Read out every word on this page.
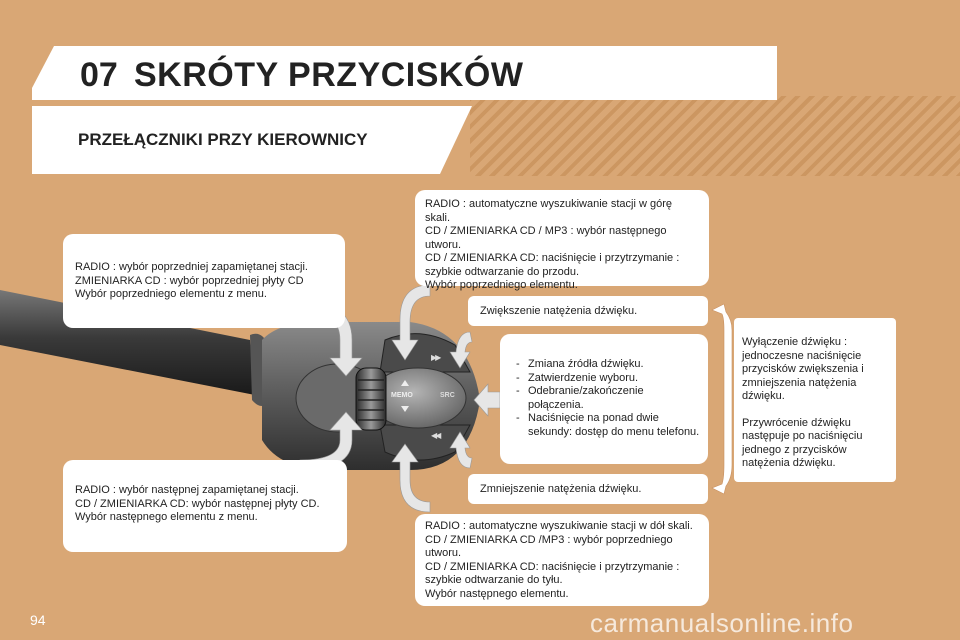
07 SKRÓTY PRZYCISKÓW
PRZEŁĄCZNIKI PRZY KIEROWNICY

RADIO : wybór poprzedniej zapamiętanej stacji.

ZMIENIARKA CD : wybór poprzedniej płyty CD

Wybór poprzedniego elementu z menu.

RADIO : wybór następnej zapamiętanej stacji.

CD / ZMIENIARKA CD: wybór następnej płyty CD.

Wybór następnego elementu z menu.

RADIO : automatyczne wyszukiwanie stacji w górę skali.

CD / ZMIENIARKA CD / MP3 : wybór następnego utworu.

CD / ZMIENIARKA CD: naciśnięcie i przytrzymanie : szybkie odtwarzanie do przodu.

Wybór poprzedniego elementu.

Zwiększenie natężenia dźwięku.

- Zmiana źródła dźwięku.
- Zatwierdzenie wyboru.
- Odebranie/zakończenie połączenia.
- Naciśnięcie na ponad dwie sekundy: dostęp do menu telefonu.

Zmniejszenie natężenia dźwięku.

RADIO : automatyczne wyszukiwanie stacji w dół skali.

CD / ZMIENIARKA CD /MP3 : wybór poprzedniego utworu.

CD / ZMIENIARKA CD: naciśnięcie i przytrzymanie : szybkie odtwarzanie do tyłu.

Wybór następnego elementu.

Wyłączenie dźwięku : jednoczesne naciśnięcie przycisków zwiększenia i zmniejszenia natężenia dźwięku.

Przywrócenie dźwięku następuje po naciśnięciu jednego z przycisków natężenia dźwięku.

MEMO	SRC
▶▶
◀◀
94	carmanualsonline.info
